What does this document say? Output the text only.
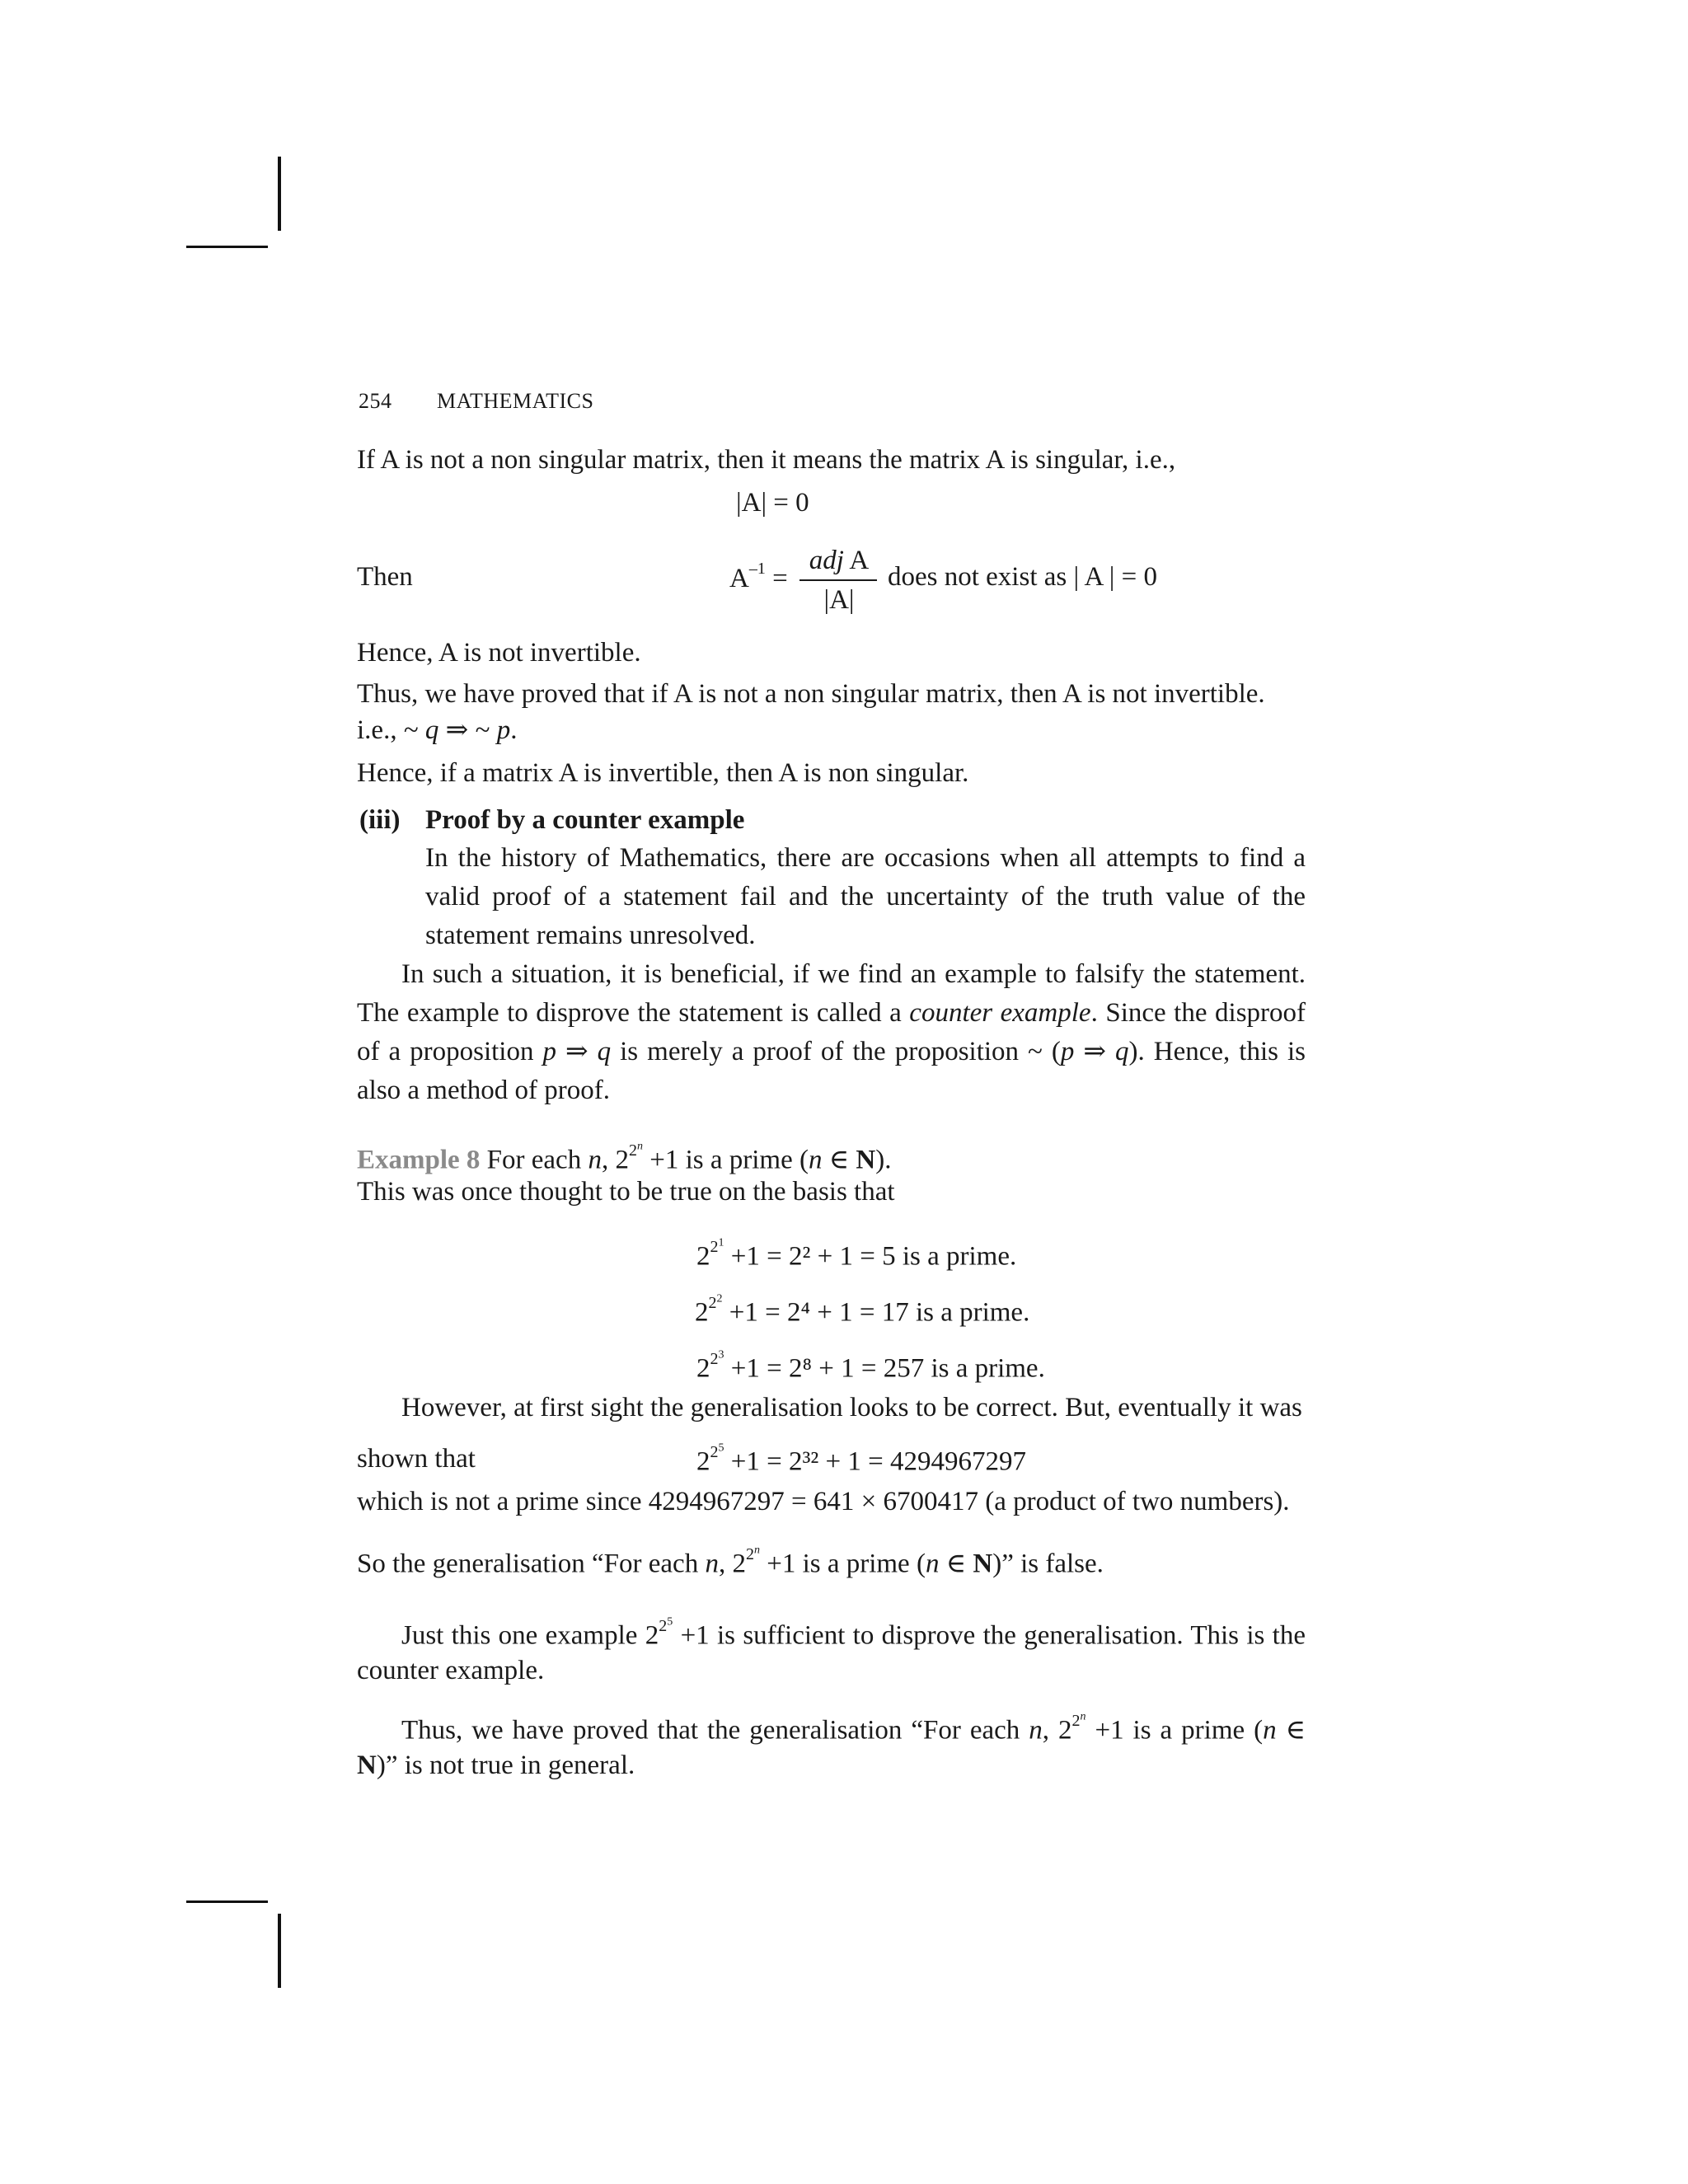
254 MATHEMATICS
If A is not a non singular matrix, then it means the matrix A is singular, i.e.,
|A| = 0
Then	$A^{-1}$ =
adj A
|A|
does not exist as | A | = 0
Hence, A is not invertible.
Thus, we have proved that if A is not a non singular matrix, then A is not invertible.
i.e., ~ q ⇒ ~ p.
Hence, if a matrix A is invertible, then A is non singular.
(iii) Proof by a counter example
In the history of Mathematics, there are occasions when all attempts to find a valid proof of a statement fail and the uncertainty of the truth value of the statement remains unresolved.
In such a situation, it is beneficial, if we find an example to falsify the statement. The example to disprove the statement is called a counter example. Since the disproof of a proposition p ⇒ q is merely a proof of the proposition ~ (p ⇒ q). Hence, this is also a method of proof.
Example 8 For each n, $2^{2^n} +1$ is a prime (n ∈ N).
This was once thought to be true on the basis that
$2^{2^1} +1 = 2^2 + 1 = 5$ is a prime.
$2^{2^2} +1 = 2^4 + 1 = 17$ is a prime.
$2^{2^3} +1 = 2^8 + 1 = 257$ is a prime.
However, at first sight the generalisation looks to be correct. But, eventually it was
shown that	$2^{2^5} +1 = 2^{32} + 1 = 4294967297$
which is not a prime since 4294967297 = 641 × 6700417 (a product of two numbers).
So the generalisation “For each n, $2^{2^n} +1$ is a prime (n ∈ N)” is false.
Just this one example $2^{2^5} +1$ is sufficient to disprove the generalisation. This is the counter example.
Thus, we have proved that the generalisation “For each n, $2^{2^n} +1$ is a prime (n ∈ N)” is not true in general.
